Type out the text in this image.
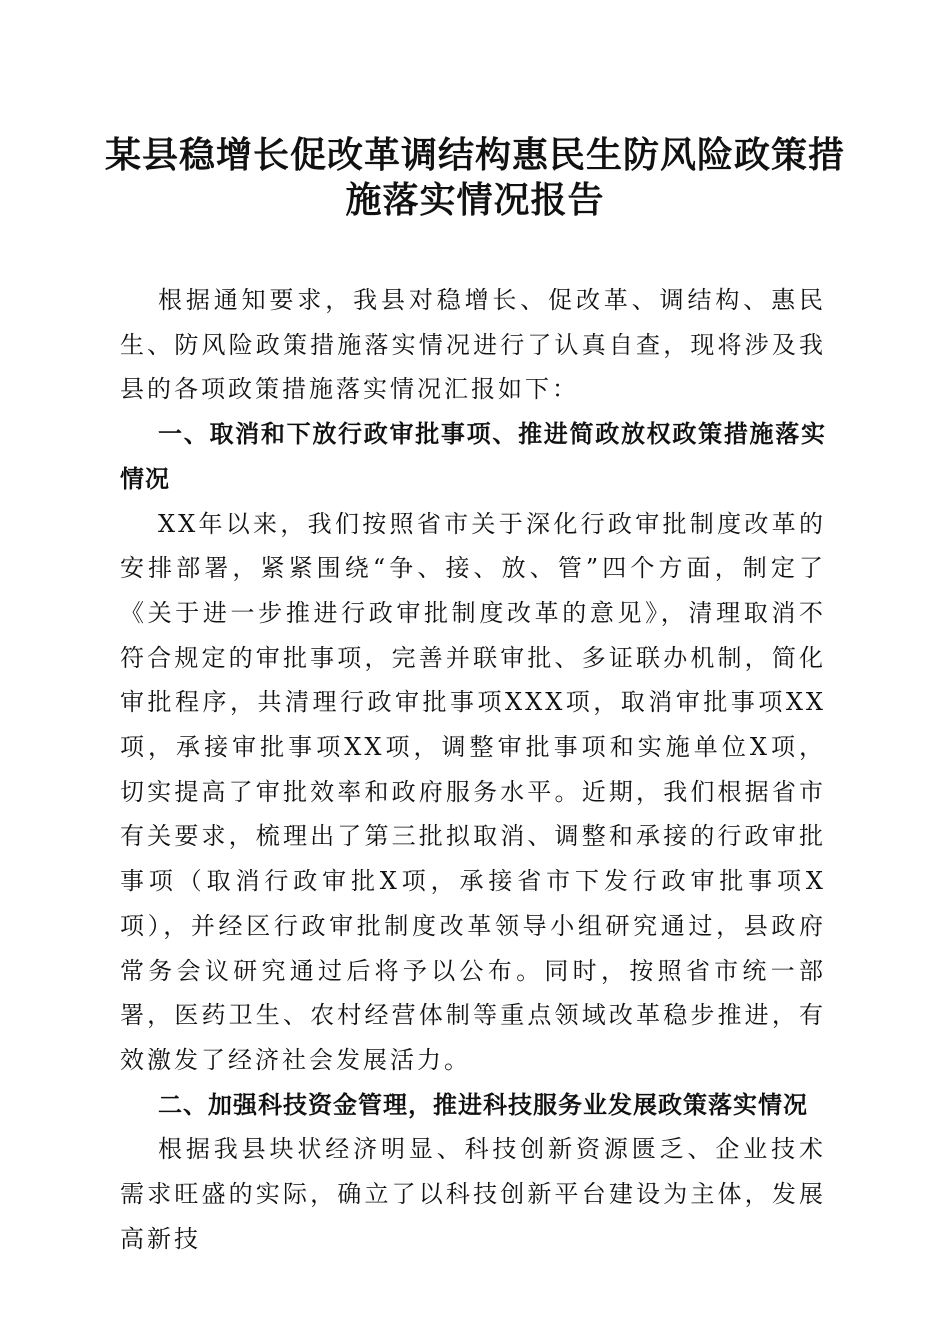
某县稳增长促改革调结构惠民生防风险政策措
施落实情况报告

根据通知要求，我县对稳增长、促改革、调结构、惠民生、防风险政策措施落实情况进行了认真自查，现将涉及我县的各项政策措施落实情况汇报如下：

一、取消和下放行政审批事项、推进简政放权政策措施落实情况

XX年以来，我们按照省市关于深化行政审批制度改革的安排部署，紧紧围绕“争、接、放、管”四个方面，制定了《关于进一步推进行政审批制度改革的意见》，清理取消不符合规定的审批事项，完善并联审批、多证联办机制，简化审批程序，共清理行政审批事项XXX项，取消审批事项XX项，承接审批事项XX项，调整审批事项和实施单位X项，切实提高了审批效率和政府服务水平。近期，我们根据省市有关要求，梳理出了第三批拟取消、调整和承接的行政审批事项（取消行政审批X项，承接省市下发行政审批事项X项），并经区行政审批制度改革领导小组研究通过，县政府常务会议研究通过后将予以公布。同时，按照省市统一部署，医药卫生、农村经营体制等重点领域改革稳步推进，有效激发了经济社会发展活力。

二、加强科技资金管理，推进科技服务业发展政策落实情况

根据我县块状经济明显、科技创新资源匮乏、企业技术需求旺盛的实际，确立了以科技创新平台建设为主体，发展高新技
